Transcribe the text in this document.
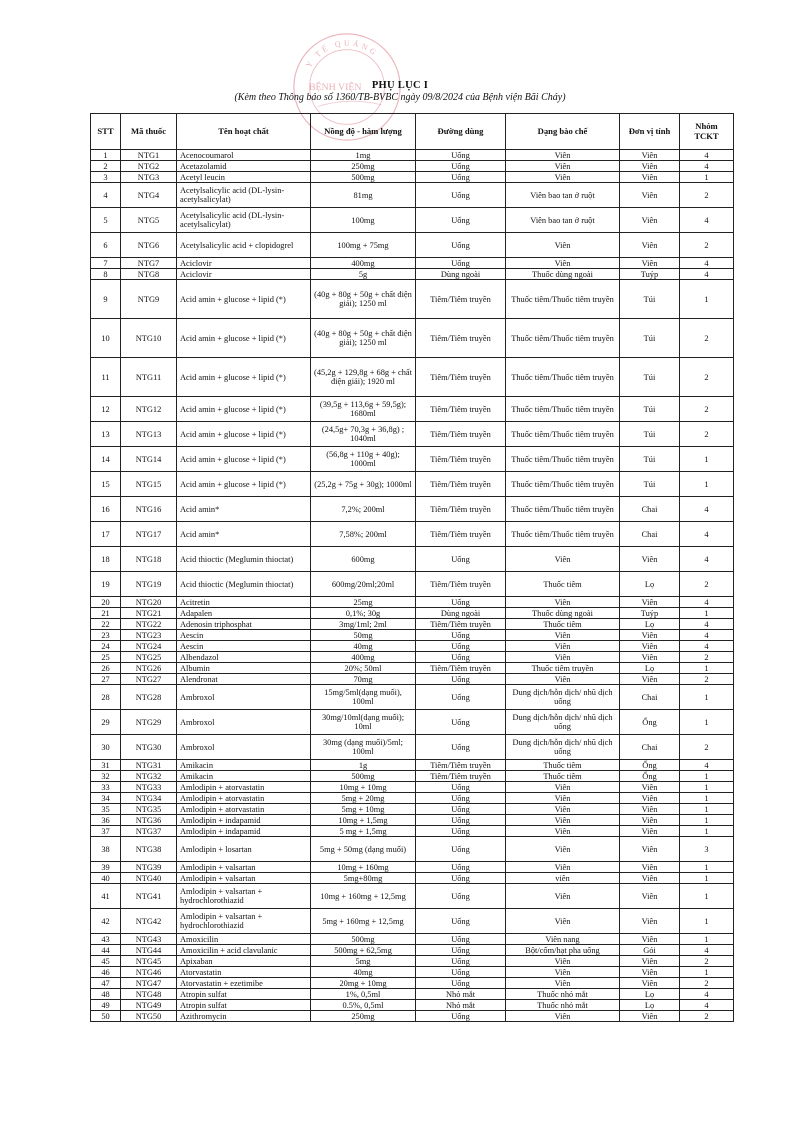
Y TẾ QUẢNG
BỆNH VIỆN PHỤ LỤC I
(Kèm theo Thông báo số 1360/TB-BVBC ngày 09/8/2024 của Bệnh viện Bãi Cháy)
STT	Mã thuốc	Tên hoạt chất	Nồng độ - hàm lượng	Đường dùng	Dạng bào chế	Đơn vị tính	Nhóm TCKT
1	NTG1	Acenocoumarol	1mg	Uống	Viên	Viên	4
2	NTG2	Acetazolamid	250mg	Uống	Viên	Viên	4
3	NTG3	Acetyl leucin	500mg	Uống	Viên	Viên	1
4	NTG4	Acetylsalicylic acid (DL-lysin-acetylsalicylat)	81mg	Uống	Viên bao tan ở ruột	Viên	2
5	NTG5	Acetylsalicylic acid (DL-lysin-acetylsalicylat)	100mg	Uống	Viên bao tan ở ruột	Viên	4
6	NTG6	Acetylsalicylic acid + clopidogrel	100mg + 75mg	Uống	Viên	Viên	2
7	NTG7	Aciclovir	400mg	Uống	Viên	Viên	4
8	NTG8	Aciclovir	5g	Dùng ngoài	Thuốc dùng ngoài	Tuýp	4
9	NTG9	Acid amin + glucose + lipid (*)	(40g + 80g + 50g + chất điện giải); 1250 ml	Tiêm/Tiêm truyền	Thuốc tiêm/Thuốc tiêm truyền	Túi	1
10	NTG10	Acid amin + glucose + lipid (*)	(40g + 80g + 50g + chất điện giải); 1250 ml	Tiêm/Tiêm truyền	Thuốc tiêm/Thuốc tiêm truyền	Túi	2
11	NTG11	Acid amin + glucose + lipid (*)	(45,2g + 129,8g + 68g + chất điện giải); 1920 ml	Tiêm/Tiêm truyền	Thuốc tiêm/Thuốc tiêm truyền	Túi	2
12	NTG12	Acid amin + glucose + lipid (*)	(39,5g + 113,6g + 59,5g); 1680ml	Tiêm/Tiêm truyền	Thuốc tiêm/Thuốc tiêm truyền	Túi	2
13	NTG13	Acid amin + glucose + lipid (*)	(24,5g+ 70,3g + 36,8g) ; 1040ml	Tiêm/Tiêm truyền	Thuốc tiêm/Thuốc tiêm truyền	Túi	2
14	NTG14	Acid amin + glucose + lipid (*)	(56,8g + 110g + 40g); 1000ml	Tiêm/Tiêm truyền	Thuốc tiêm/Thuốc tiêm truyền	Túi	1
15	NTG15	Acid amin + glucose + lipid (*)	(25,2g + 75g + 30g); 1000ml	Tiêm/Tiêm truyền	Thuốc tiêm/Thuốc tiêm truyền	Túi	1
16	NTG16	Acid amin*	7,2%; 200ml	Tiêm/Tiêm truyền	Thuốc tiêm/Thuốc tiêm truyền	Chai	4
17	NTG17	Acid amin*	7,58%; 200ml	Tiêm/Tiêm truyền	Thuốc tiêm/Thuốc tiêm truyền	Chai	4
18	NTG18	Acid thioctic (Meglumin thioctat)	600mg	Uống	Viên	Viên	4
19	NTG19	Acid thioctic (Meglumin thioctat)	600mg/20ml;20ml	Tiêm/Tiêm truyền	Thuốc tiêm	Lọ	2
20	NTG20	Acitretin	25mg	Uống	Viên	Viên	4
21	NTG21	Adapalen	0,1%; 30g	Dùng ngoài	Thuốc dùng ngoài	Tuýp	1
22	NTG22	Adenosin triphosphat	3mg/1ml; 2ml	Tiêm/Tiêm truyền	Thuốc tiêm	Lọ	4
23	NTG23	Aescin	50mg	Uống	Viên	Viên	4
24	NTG24	Aescin	40mg	Uống	Viên	Viên	4
25	NTG25	Albendazol	400mg	Uống	Viên	Viên	2
26	NTG26	Albumin	20%; 50ml	Tiêm/Tiêm truyền	Thuốc tiêm truyền	Lọ	1
27	NTG27	Alendronat	70mg	Uống	Viên	Viên	2
28	NTG28	Ambroxol	15mg/5ml(dạng muối), 100ml	Uống	Dung dịch/hỗn dịch/ nhũ dịch uống	Chai	1
29	NTG29	Ambroxol	30mg/10ml(dạng muối); 10ml	Uống	Dung dịch/hỗn dịch/ nhũ dịch uống	Ống	1
30	NTG30	Ambroxol	30mg (dạng muối)/5ml; 100ml	Uống	Dung dịch/hỗn dịch/ nhũ dịch uống	Chai	2
31	NTG31	Amikacin	1g	Tiêm/Tiêm truyền	Thuốc tiêm	Ống	4
32	NTG32	Amikacin	500mg	Tiêm/Tiêm truyền	Thuốc tiêm	Ống	1
33	NTG33	Amlodipin + atorvastatin	10mg + 10mg	Uống	Viên	Viên	1
34	NTG34	Amlodipin + atorvastatin	5mg + 20mg	Uống	Viên	Viên	1
35	NTG35	Amlodipin + atorvastatin	5mg + 10mg	Uống	Viên	Viên	1
36	NTG36	Amlodipin + indapamid	10mg + 1,5mg	Uống	Viên	Viên	1
37	NTG37	Amlodipin + indapamid	5 mg + 1,5mg	Uống	Viên	Viên	1
38	NTG38	Amlodipin + losartan	5mg + 50mg (dạng muối)	Uống	Viên	Viên	3
39	NTG39	Amlodipin + valsartan	10mg + 160mg	Uống	Viên	Viên	1
40	NTG40	Amlodipin + valsartan	5mg+80mg	Uống	viên	Viên	1
41	NTG41	Amlodipin + valsartan + hydrochlorothiazid	10mg + 160mg + 12,5mg	Uống	Viên	Viên	1
42	NTG42	Amlodipin + valsartan + hydrochlorothiazid	5mg + 160mg + 12,5mg	Uống	Viên	Viên	1
43	NTG43	Amoxicilin	500mg	Uống	Viên nang	Viên	1
44	NTG44	Amoxicilin + acid clavulanic	500mg + 62,5mg	Uống	Bột/cốm/hạt pha uống	Gói	4
45	NTG45	Apixaban	5mg	Uống	Viên	Viên	2
46	NTG46	Atorvastatin	40mg	Uống	Viên	Viên	1
47	NTG47	Atorvastatin + ezetimibe	20mg + 10mg	Uống	Viên	Viên	2
48	NTG48	Atropin sulfat	1%, 0,5ml	Nhỏ mắt	Thuốc nhỏ mắt	Lọ	4
49	NTG49	Atropin sulfat	0.5%, 0,5ml	Nhỏ mắt	Thuốc nhỏ mắt	Lọ	4
50	NTG50	Azithromycin	250mg	Uống	Viên	Viên	2
